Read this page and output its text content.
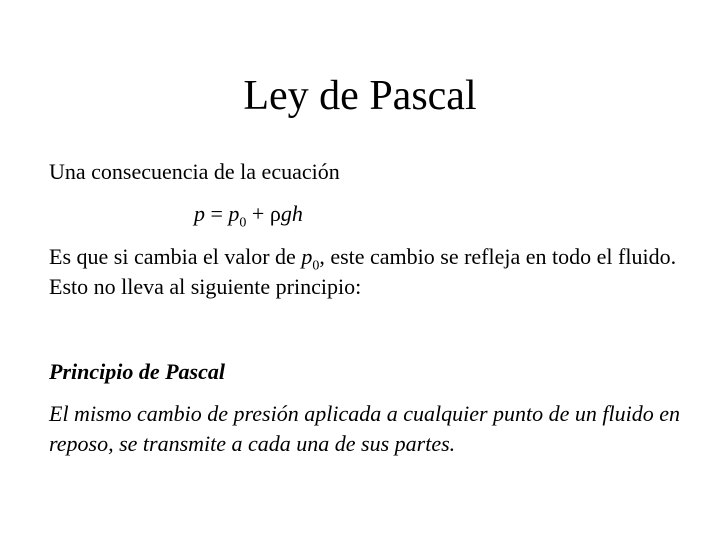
Ley de Pascal

Una consecuencia de la ecuación

$p = p_0 + \rho gh$

Es que si cambia el valor de $p_0$, este cambio se refleja en todo el fluido. Esto no lleva al siguiente principio:

Principio de Pascal

El mismo cambio de presión aplicada a cualquier punto de un fluido en reposo, se transmite a cada una de sus partes.
